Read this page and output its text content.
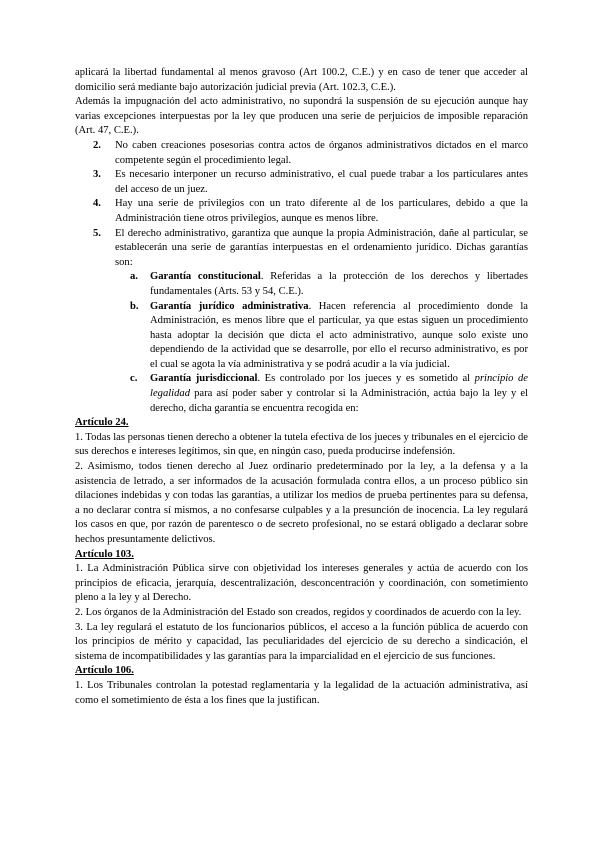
aplicará la libertad fundamental al menos gravoso (Art 100.2, C.E.) y en caso de tener que acceder al domicilio será mediante bajo autorización judicial previa (Art. 102.3, C.E.).

Además la impugnación del acto administrativo, no supondrá la suspensión de su ejecución aunque hay varias excepciones interpuestas por la ley que producen una serie de perjuicios de imposible reparación (Art. 47, C.E.).

2. No caben creaciones posesorias contra actos de órganos administrativos dictados en el marco competente según el procedimiento legal.
3. Es necesario interponer un recurso administrativo, el cual puede trabar a los particulares antes del acceso de un juez.
4. Hay una serie de privilegios con un trato diferente al de los particulares, debido a que la Administración tiene otros privilegios, aunque es menos libre.
5. El derecho administrativo, garantiza que aunque la propia Administración, dañe al particular, se establecerán una serie de garantías interpuestas en el ordenamiento jurídico. Dichas garantías son:
a. Garantía constitucional. Referidas a la protección de los derechos y libertades fundamentales (Arts. 53 y 54, C.E.).
b. Garantía jurídico administrativa. Hacen referencia al procedimiento donde la Administración, es menos libre que el particular, ya que estas siguen un procedimiento hasta adoptar la decisión que dicta el acto administrativo, aunque solo existe uno dependiendo de la actividad que se desarrolle, por ello el recurso administrativo, es por el cual se agota la vía administrativa y se podrá acudir a la vía judicial.
c. Garantía jurisdiccional. Es controlado por los jueces y es sometido al principio de legalidad para así poder saber y controlar si la Administración, actúa bajo la ley y el derecho, dicha garantía se encuentra recogida en:

Artículo 24.

1. Todas las personas tienen derecho a obtener la tutela efectiva de los jueces y tribunales en el ejercicio de sus derechos e intereses legítimos, sin que, en ningún caso, pueda producirse indefensión.

2. Asimismo, todos tienen derecho al Juez ordinario predeterminado por la ley, a la defensa y a la asistencia de letrado, a ser informados de la acusación formulada contra ellos, a un proceso público sin dilaciones indebidas y con todas las garantías, a utilizar los medios de prueba pertinentes para su defensa, a no declarar contra sí mismos, a no confesarse culpables y a la presunción de inocencia. La ley regulará los casos en que, por razón de parentesco o de secreto profesional, no se estará obligado a declarar sobre hechos presuntamente delictivos.

Artículo 103.

1. La Administración Pública sirve con objetividad los intereses generales y actúa de acuerdo con los principios de eficacia, jerarquía, descentralización, desconcentración y coordinación, con sometimiento pleno a la ley y al Derecho.

2. Los órganos de la Administración del Estado son creados, regidos y coordinados de acuerdo con la ley.

3. La ley regulará el estatuto de los funcionarios públicos, el acceso a la función pública de acuerdo con los principios de mérito y capacidad, las peculiaridades del ejercicio de su derecho a sindicación, el sistema de incompatibilidades y las garantías para la imparcialidad en el ejercicio de sus funciones.

Artículo 106.

1. Los Tribunales controlan la potestad reglamentaria y la legalidad de la actuación administrativa, así como el sometimiento de ésta a los fines que la justifican.
